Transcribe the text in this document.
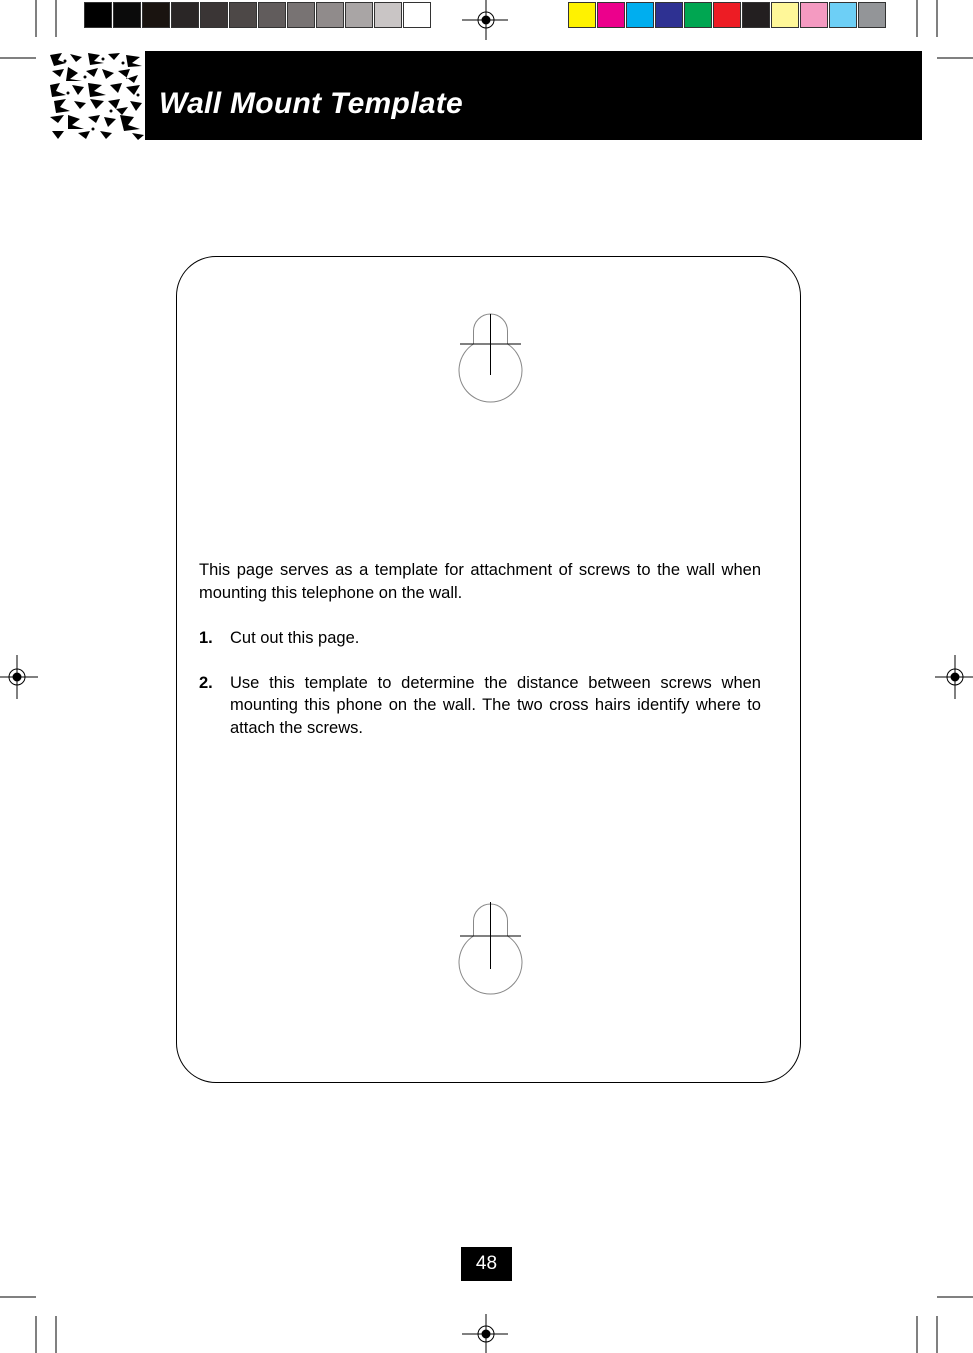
Wall Mount Template

This page serves as a template for attachment of screws to the wall when mounting this telephone on the wall.

1.	Cut out this page.
2.	Use this template to determine the distance between screws when mounting this phone on the wall. The two cross hairs identify where to attach the screws.
48
